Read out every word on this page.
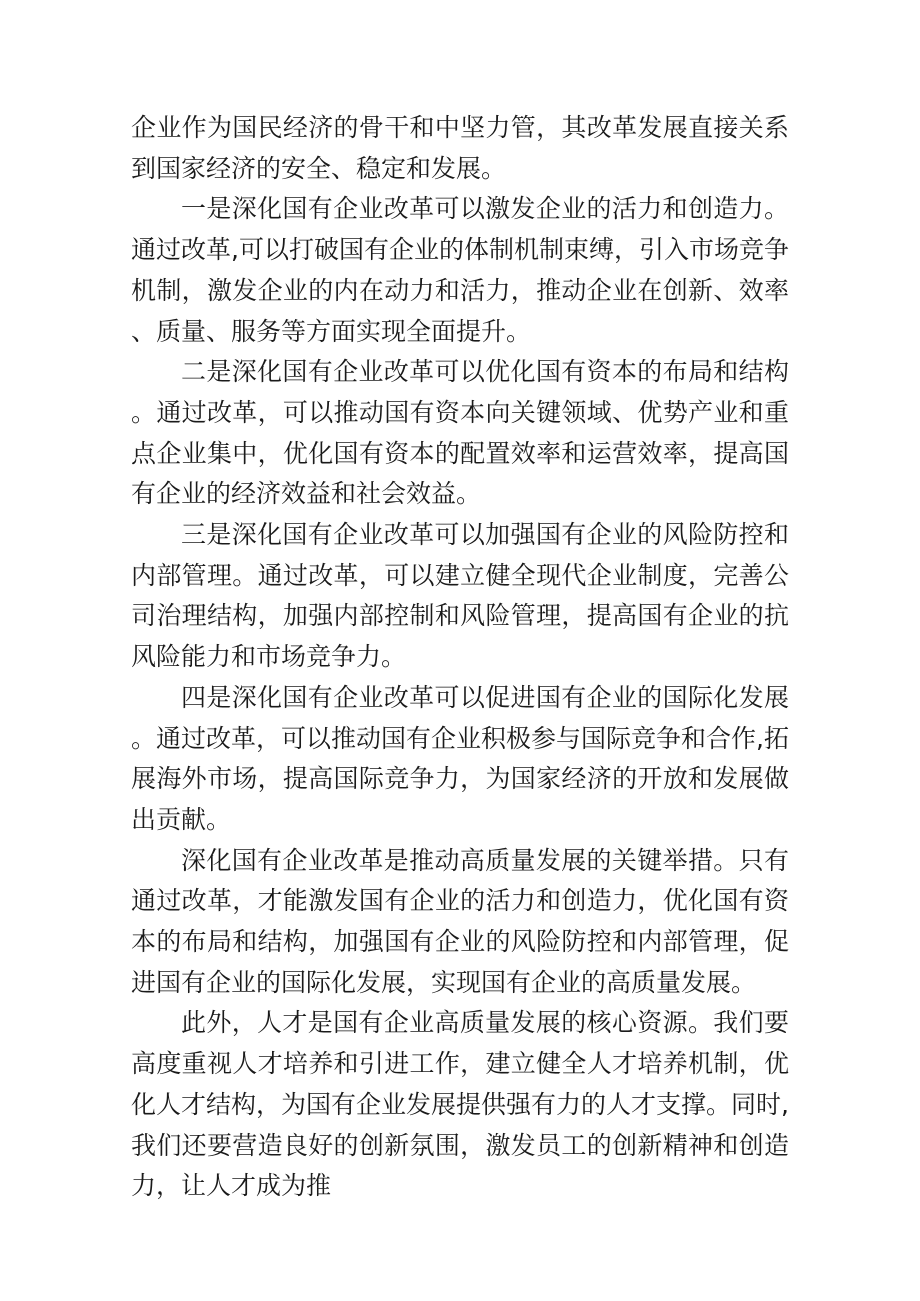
企业作为国民经济的骨干和中坚力管，其改革发展直接关系到国家经济的安全、稳定和发展。

一是深化国有企业改革可以激发企业的活力和创造力。通过改革,可以打破国有企业的体制机制束缚，引入市场竞争机制，激发企业的内在动力和活力，推动企业在创新、效率、质量、服务等方面实现全面提升。

二是深化国有企业改革可以优化国有资本的布局和结构。通过改革，可以推动国有资本向关键领域、优势产业和重点企业集中，优化国有资本的配置效率和运营效率，提高国有企业的经济效益和社会效益。

三是深化国有企业改革可以加强国有企业的风险防控和内部管理。通过改革，可以建立健全现代企业制度，完善公司治理结构，加强内部控制和风险管理，提高国有企业的抗风险能力和市场竞争力。

四是深化国有企业改革可以促进国有企业的国际化发展。通过改革，可以推动国有企业积极参与国际竞争和合作,拓展海外市场，提高国际竞争力，为国家经济的开放和发展做出贡献。

深化国有企业改革是推动高质量发展的关键举措。只有通过改革，才能激发国有企业的活力和创造力，优化国有资本的布局和结构，加强国有企业的风险防控和内部管理，促进国有企业的国际化发展，实现国有企业的高质量发展。

此外，人才是国有企业高质量发展的核心资源。我们要高度重视人才培养和引进工作，建立健全人才培养机制，优化人才结构，为国有企业发展提供强有力的人才支撑。同时,我们还要营造良好的创新氛围，激发员工的创新精神和创造力，让人才成为推
